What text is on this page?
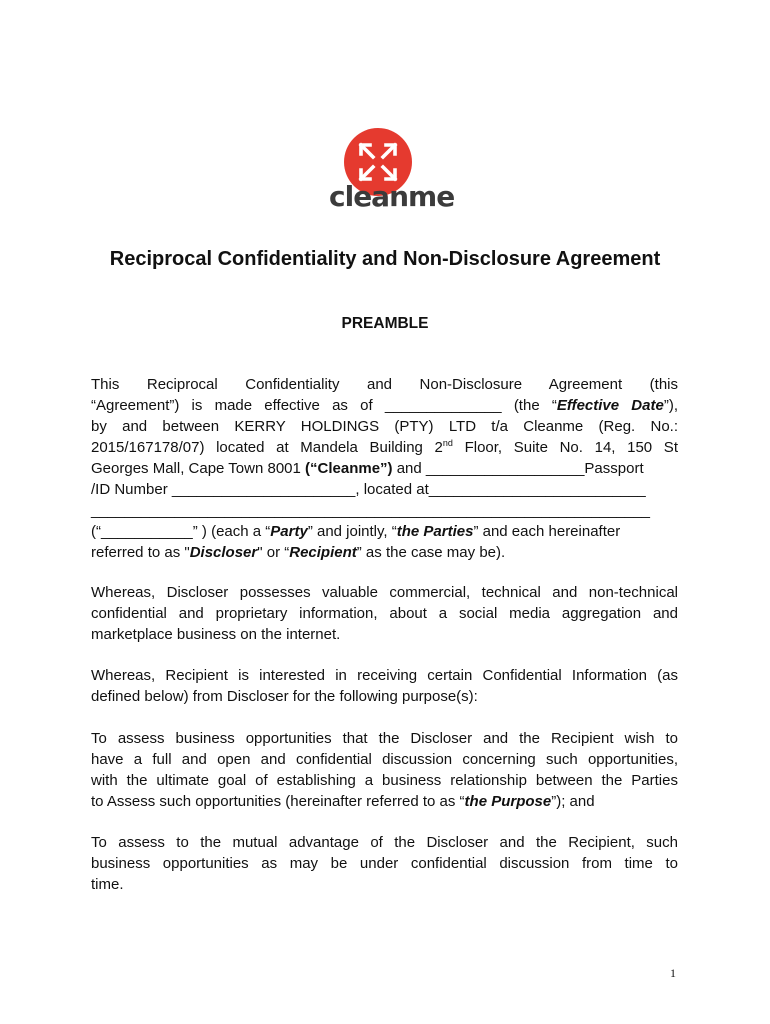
cleanme
Reciprocal Confidentiality and Non-Disclosure Agreement
PREAMBLE
This Reciprocal Confidentiality and Non-Disclosure Agreement (this
“Agreement”) is made effective as of ______________ (the “Effective Date”),
by and between KERRY HOLDINGS (PTY) LTD t/a Cleanme (Reg. No.:
2015/167178/07) located at Mandela Building 2nd Floor, Suite No. 14, 150 St
Georges Mall, Cape Town 8001 (“Cleanme”) and ___________________Passport
/ID Number ______________________, located at__________________________
___________________________________________________________________
(“___________” ) (each a “Party” and jointly, “the Parties” and each hereinafter
referred to as "Discloser" or “Recipient” as the case may be).
Whereas, Discloser possesses valuable commercial, technical and non-technical
confidential and proprietary information, about a social media aggregation and
marketplace business on the internet.
Whereas, Recipient is interested in receiving certain Confidential Information (as
defined below) from Discloser for the following purpose(s):
To assess business opportunities that the Discloser and the Recipient wish to
have a full and open and confidential discussion concerning such opportunities,
with the ultimate goal of establishing a business relationship between the Parties
to Assess such opportunities (hereinafter referred to as “the Purpose”); and
To assess to the mutual advantage of the Discloser and the Recipient, such
business opportunities as may be under confidential discussion from time to
time.
1
